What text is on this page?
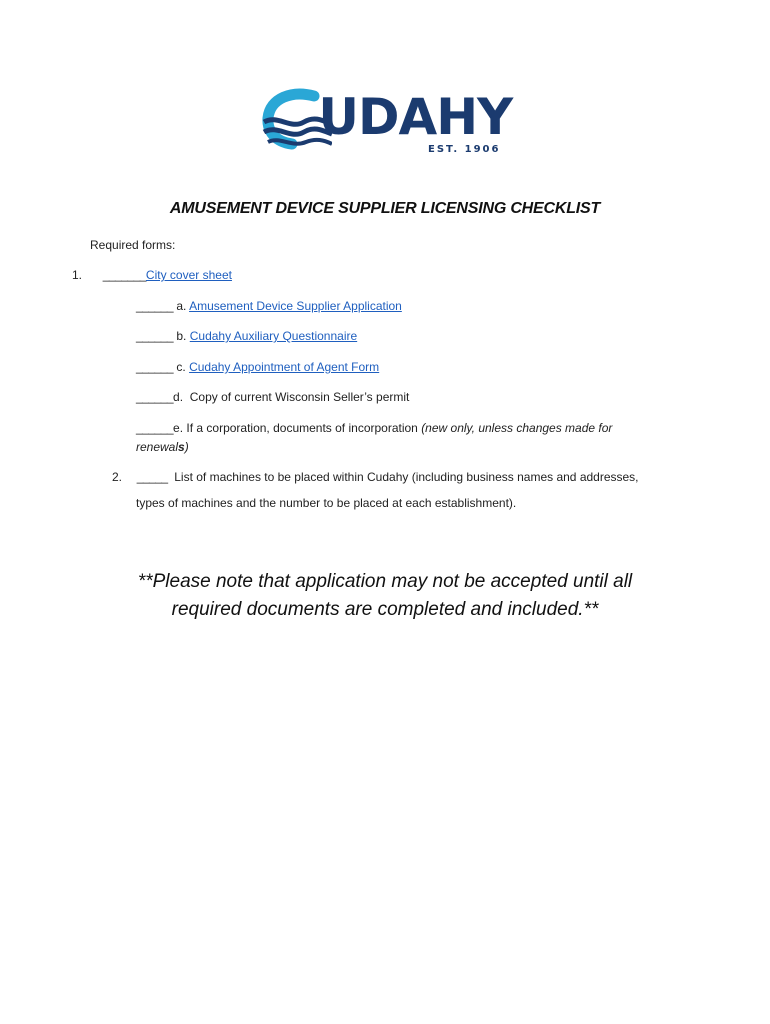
UDAHY
EST. 1906
AMUSEMENT DEVICE SUPPLIER LICENSING CHECKLIST
Required forms:
1. _______City cover sheet
______ a. Amusement Device Supplier Application
______ b. Cudahy Auxiliary Questionnaire
______ c. Cudahy Appointment of Agent Form
______d.  Copy of current Wisconsin Seller’s permit
______e. If a corporation, documents of incorporation (new only, unless changes made for
renewals)
2. _____  List of machines to be placed within Cudahy (including business names and addresses,
types of machines and the number to be placed at each establishment).
**Please note that application may not be accepted until all
required documents are completed and included.**
